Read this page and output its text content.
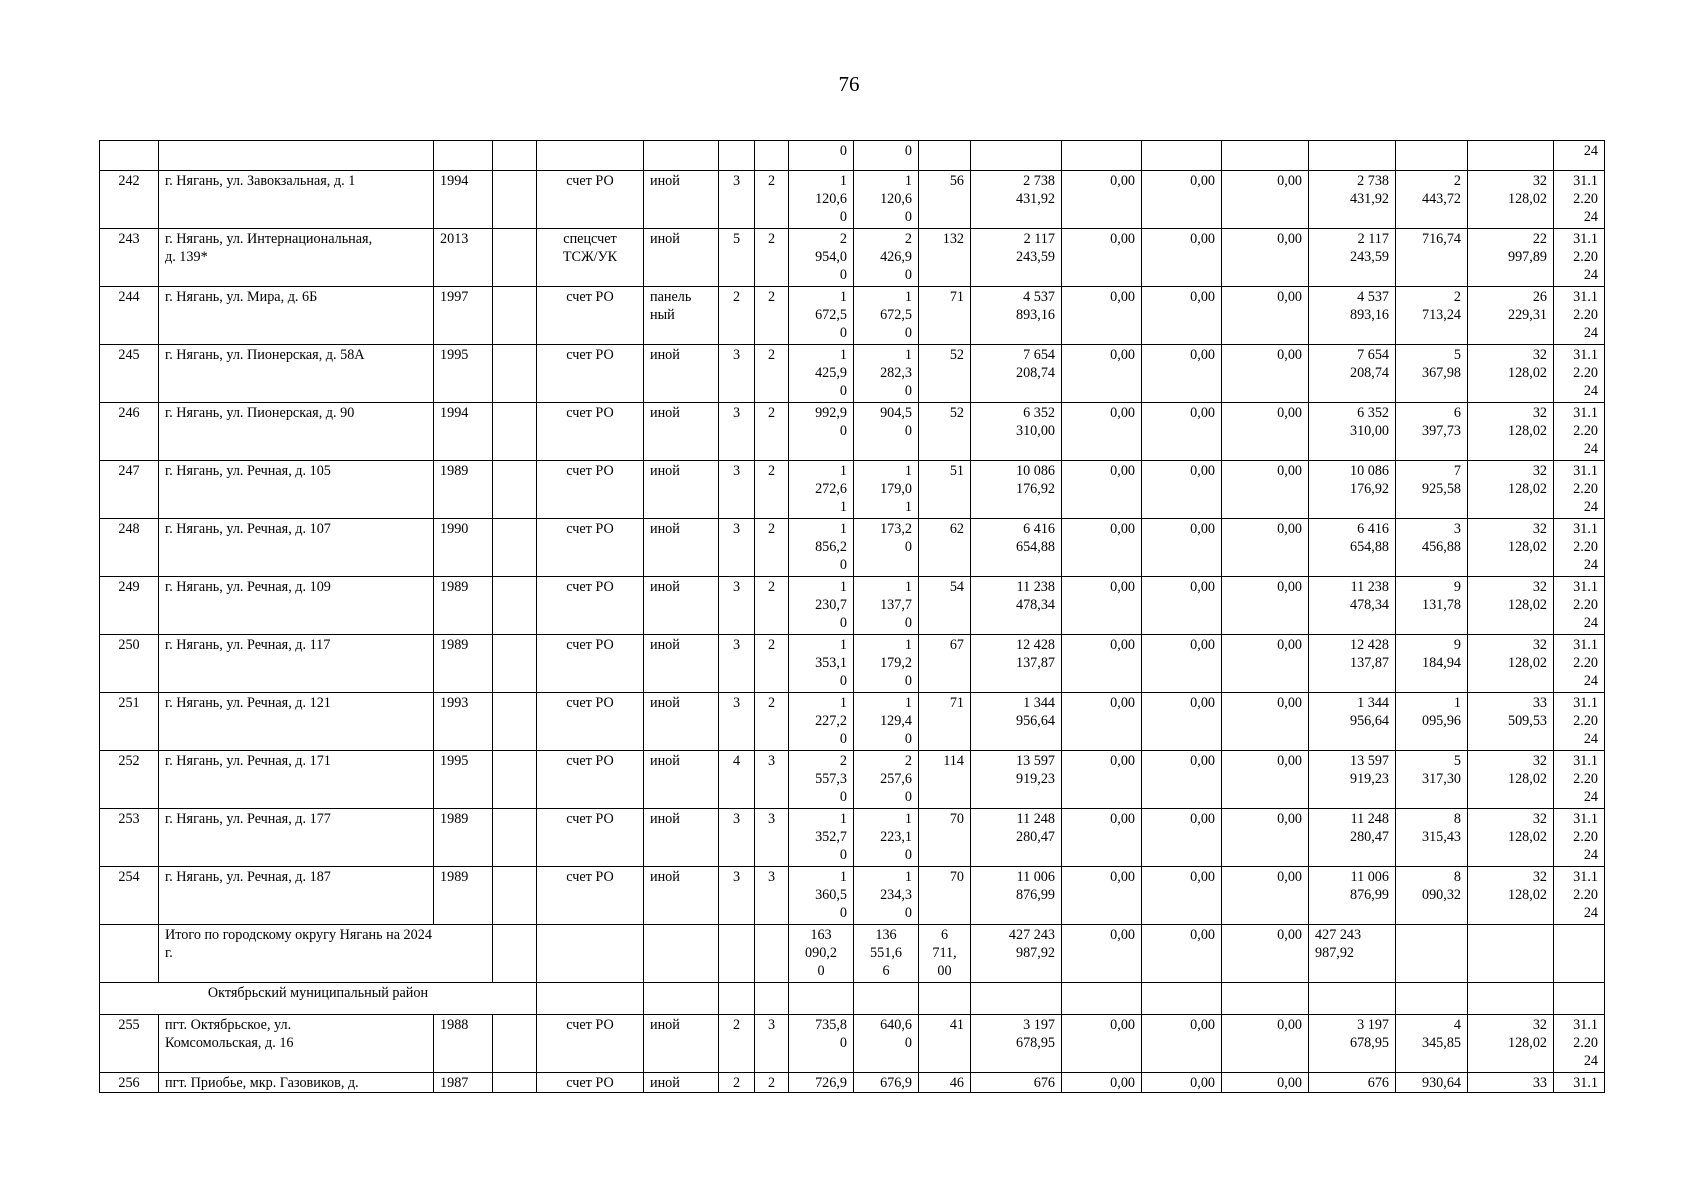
76
								0	0									24
242	г. Нягань, ул. Завокзальная, д. 1	1994		счет РО	иной	3	2	1
120,6
0	1
120,6
0	56	2 738
431,92	0,00	0,00	0,00	2 738
431,92	2
443,72	32
128,02	31.1
2.20
24
243	г. Нягань, ул. Интернациональная,
д. 139*	2013		спецсчет
ТСЖ/УК	иной	5	2	2
954,0
0	2
426,9
0	132	2 117
243,59	0,00	0,00	0,00	2 117
243,59	716,74	22
997,89	31.1
2.20
24
244	г. Нягань, ул. Мира, д. 6Б	1997		счет РО	панель
ный	2	2	1
672,5
0	1
672,5
0	71	4 537
893,16	0,00	0,00	0,00	4 537
893,16	2
713,24	26
229,31	31.1
2.20
24
245	г. Нягань, ул. Пионерская, д. 58А	1995		счет РО	иной	3	2	1
425,9
0	1
282,3
0	52	7 654
208,74	0,00	0,00	0,00	7 654
208,74	5
367,98	32
128,02	31.1
2.20
24
246	г. Нягань, ул. Пионерская, д. 90	1994		счет РО	иной	3	2	992,9
0	904,5
0	52	6 352
310,00	0,00	0,00	0,00	6 352
310,00	6
397,73	32
128,02	31.1
2.20
24
247	г. Нягань, ул. Речная, д. 105	1989		счет РО	иной	3	2	1
272,6
1	1
179,0
1	51	10 086
176,92	0,00	0,00	0,00	10 086
176,92	7
925,58	32
128,02	31.1
2.20
24
248	г. Нягань, ул. Речная, д. 107	1990		счет РО	иной	3	2	1
856,2
0	173,2
0	62	6 416
654,88	0,00	0,00	0,00	6 416
654,88	3
456,88	32
128,02	31.1
2.20
24
249	г. Нягань, ул. Речная, д. 109	1989		счет РО	иной	3	2	1
230,7
0	1
137,7
0	54	11 238
478,34	0,00	0,00	0,00	11 238
478,34	9
131,78	32
128,02	31.1
2.20
24
250	г. Нягань, ул. Речная, д. 117	1989		счет РО	иной	3	2	1
353,1
0	1
179,2
0	67	12 428
137,87	0,00	0,00	0,00	12 428
137,87	9
184,94	32
128,02	31.1
2.20
24
251	г. Нягань, ул. Речная, д. 121	1993		счет РО	иной	3	2	1
227,2
0	1
129,4
0	71	1 344
956,64	0,00	0,00	0,00	1 344
956,64	1
095,96	33
509,53	31.1
2.20
24
252	г. Нягань, ул. Речная, д. 171	1995		счет РО	иной	4	3	2
557,3
0	2
257,6
0	114	13 597
919,23	0,00	0,00	0,00	13 597
919,23	5
317,30	32
128,02	31.1
2.20
24
253	г. Нягань, ул. Речная, д. 177	1989		счет РО	иной	3	3	1
352,7
0	1
223,1
0	70	11 248
280,47	0,00	0,00	0,00	11 248
280,47	8
315,43	32
128,02	31.1
2.20
24
254	г. Нягань, ул. Речная, д. 187	1989		счет РО	иной	3	3	1
360,5
0	1
234,3
0	70	11 006
876,99	0,00	0,00	0,00	11 006
876,99	8
090,32	32
128,02	31.1
2.20
24
	Итого по городскому округу Нягань на 2024
г.							163
090,2
0	136
551,6
6	6
711,
00	427 243
987,92	0,00	0,00	0,00	427 243
987,92			
Октябрьский муниципальный район																		
255	пгт. Октябрьское, ул.
Комсомольская, д. 16	1988		счет РО	иной	2	3	735,8
0	640,6
0	41	3 197
678,95	0,00	0,00	0,00	3 197
678,95	4
345,85	32
128,02	31.1
2.20
24
256	пгт. Приобье, мкр. Газовиков, д.	1987		счет РО	иной	2	2	726,9	676,9	46	676	0,00	0,00	0,00	676	930,64	33	31.1
